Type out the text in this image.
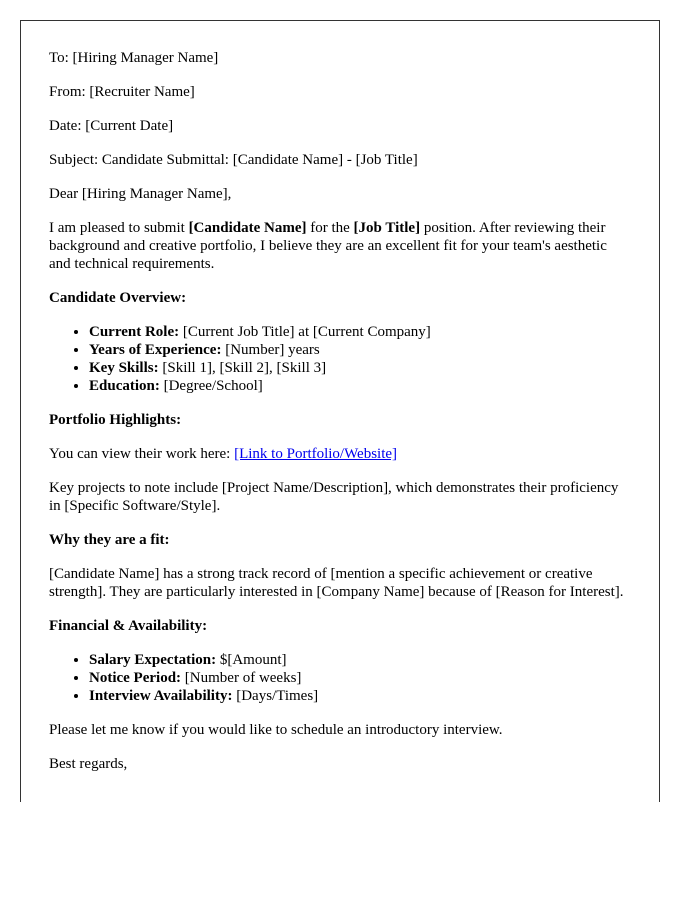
To: [Hiring Manager Name]

From: [Recruiter Name]

Date: [Current Date]

Subject: Candidate Submittal: [Candidate Name] - [Job Title]

Dear [Hiring Manager Name],

I am pleased to submit [Candidate Name] for the [Job Title] position. After reviewing their background and creative portfolio, I believe they are an excellent fit for your team's aesthetic and technical requirements.

Candidate Overview:

• Current Role: [Current Job Title] at [Current Company]
• Years of Experience: [Number] years
• Key Skills: [Skill 1], [Skill 2], [Skill 3]
• Education: [Degree/School]

Portfolio Highlights:

You can view their work here: [Link to Portfolio/Website]

Key projects to note include [Project Name/Description], which demonstrates their proficiency in [Specific Software/Style].

Why they are a fit:

[Candidate Name] has a strong track record of [mention a specific achievement or creative strength]. They are particularly interested in [Company Name] because of [Reason for Interest].

Financial & Availability:

• Salary Expectation: $[Amount]
• Notice Period: [Number of weeks]
• Interview Availability: [Days/Times]

Please let me know if you would like to schedule an introductory interview.

Best regards,
